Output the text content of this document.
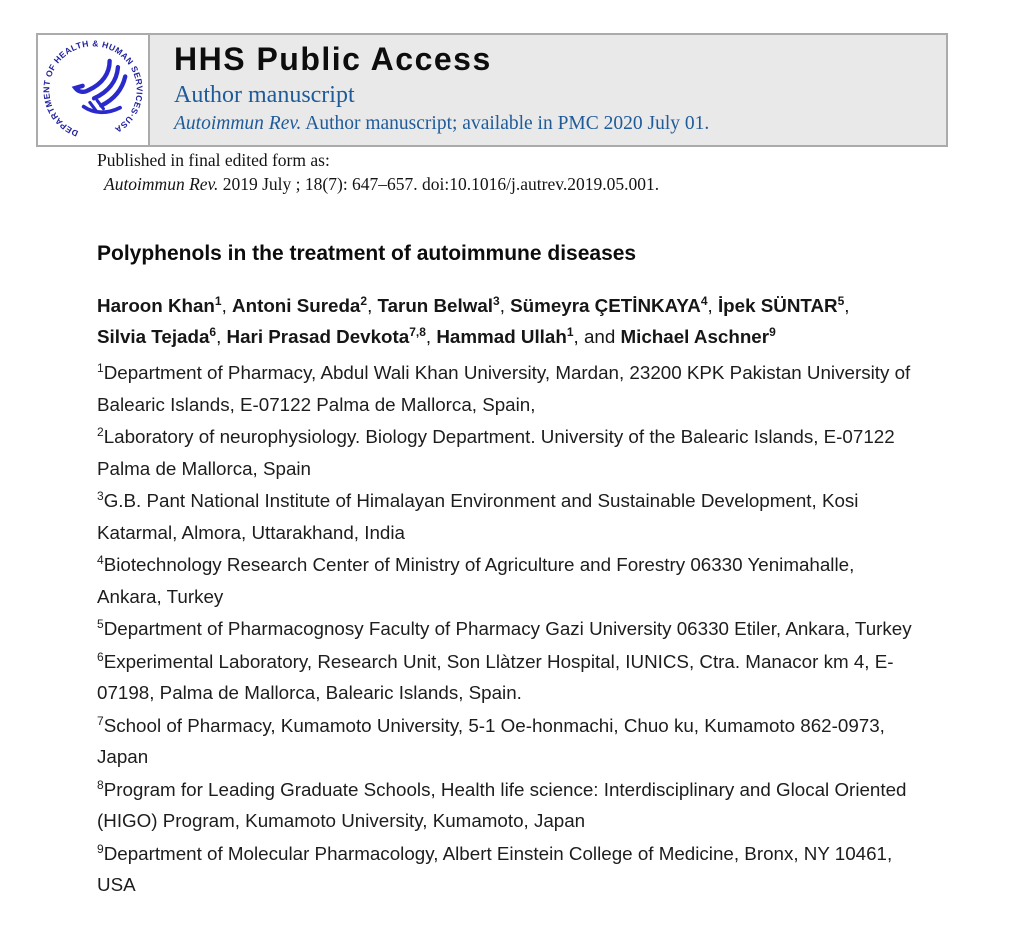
DEPARTMENT OF HEALTH & HUMAN SERVICES·USA
HHS Public Access
Author manuscript
Autoimmun Rev. Author manuscript; available in PMC 2020 July 01.
Published in final edited form as:
Autoimmun Rev. 2019 July ; 18(7): 647–657. doi:10.1016/j.autrev.2019.05.001.
Polyphenols in the treatment of autoimmune diseases
Haroon Khan$^1$, Antoni Sureda$^2$, Tarun Belwal$^3$, Sümeyra ÇETİNKAYA$^4$, İpek SÜNTAR$^5$,
Silvia Tejada$^6$, Hari Prasad Devkota$^{7,8}$, Hammad Ullah$^1$, and Michael Aschner$^9$

$^1$Department of Pharmacy, Abdul Wali Khan University, Mardan, 23200 KPK Pakistan University of Balearic Islands, E-07122 Palma de Mallorca, Spain,

$^2$Laboratory of neurophysiology. Biology Department. University of the Balearic Islands, E-07122 Palma de Mallorca, Spain

$^3$G.B. Pant National Institute of Himalayan Environment and Sustainable Development, Kosi Katarmal, Almora, Uttarakhand, India

$^4$Biotechnology Research Center of Ministry of Agriculture and Forestry 06330 Yenimahalle, Ankara, Turkey

$^5$Department of Pharmacognosy Faculty of Pharmacy Gazi University 06330 Etiler, Ankara, Turkey

$^6$Experimental Laboratory, Research Unit, Son Llàtzer Hospital, IUNICS, Ctra. Manacor km 4, E-07198, Palma de Mallorca, Balearic Islands, Spain.

$^7$School of Pharmacy, Kumamoto University, 5-1 Oe-honmachi, Chuo ku, Kumamoto 862-0973, Japan

$^8$Program for Leading Graduate Schools, Health life science: Interdisciplinary and Glocal Oriented (HIGO) Program, Kumamoto University, Kumamoto, Japan

$^9$Department of Molecular Pharmacology, Albert Einstein College of Medicine, Bronx, NY 10461, USA
